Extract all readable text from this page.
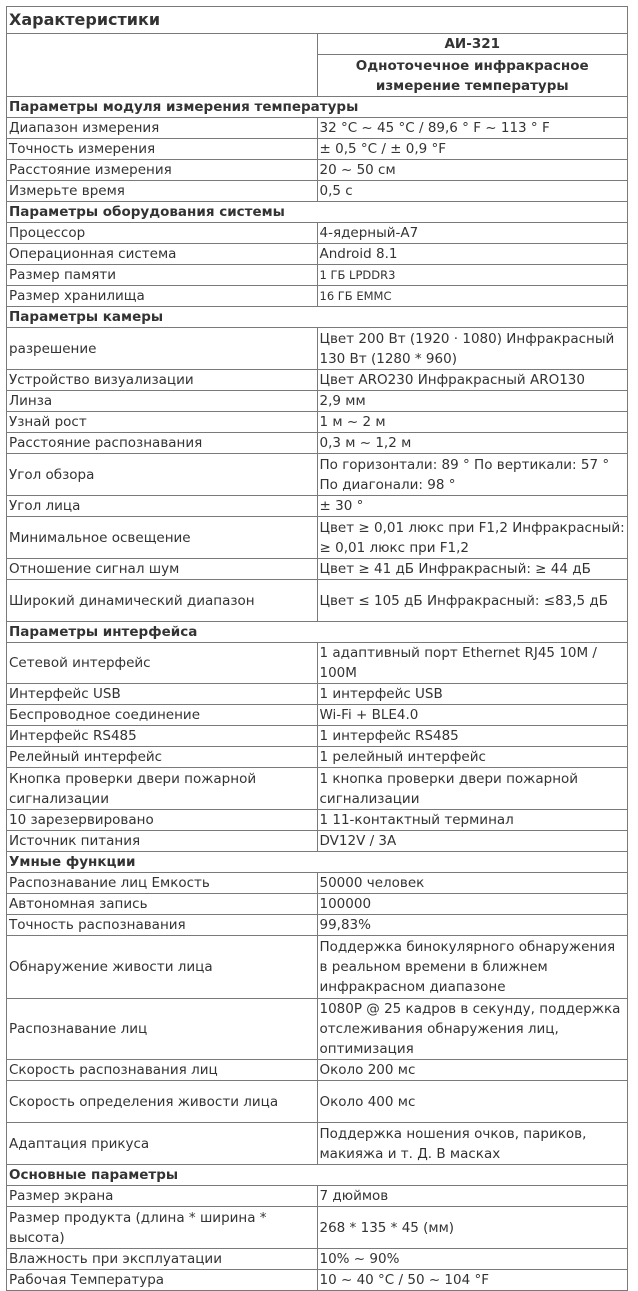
Характеристики	
	АИ-321
	Одноточечное инфракрасное измерение температуры
Параметры модуля измерения температуры	
Диапазон измерения	32 °C ~ 45 °C / 89,6 ° F ~ 113 ° F
Точность измерения	± 0,5 °C / ± 0,9 °F
Расстояние измерения	20 ~ 50 см
Измерьте время	0,5 с
Параметры оборудования системы	
Процессор	4-ядерный-A7
Операционная система	Android 8.1
Размер памяти	1 ГБ LPDDR3
Размер хранилища	16 ГБ EMMC
Параметры камеры	
разрешение	Цвет 200 Вт (1920 · 1080) Инфракрасный 130 Вт (1280 * 960)
Устройство визуализации	Цвет ARO230 Инфракрасный ARO130
Линза	2,9 мм
Узнай рост	1 м ~ 2 м
Расстояние распознавания	0,3 м ~ 1,2 м
Угол обзора	По горизонтали: 89 ° По вертикали: 57 ° По диагонали: 98 °
Угол лица	± 30 °
Минимальное освещение	Цвет ≥ 0,01 люкс при F1,2 Инфракрасный: ≥ 0,01 люкс при F1,2
Отношение сигнал шум	Цвет ≥ 41 дБ Инфракрасный: ≥ 44 дБ
Широкий динамический диапазон	Цвет ≤ 105 дБ Инфракрасный: ≤83,5 дБ
Параметры интерфейса	
Сетевой интерфейс	1 адаптивный порт Ethernet RJ45 10M / 100M
Интерфейс USB	1 интерфейс USB
Беспроводное соединение	Wi-Fi + BLE4.0
Интерфейс RS485	1 интерфейс RS485
Релейный интерфейс	1 релейный интерфейс
Кнопка проверки двери пожарной сигнализации	1 кнопка проверки двери пожарной сигнализации
10 зарезервировано	1 11-контактный терминал
Источник питания	DV12V / 3A
Умные функции	
Распознавание лиц Емкость	50000 человек
Автономная запись	100000
Точность распознавания	99,83%
Обнаружение живости лица	Поддержка бинокулярного обнаружения в реальном времени в ближнем инфракрасном диапазоне
Распознавание лиц	1080P @ 25 кадров в секунду, поддержка отслеживания обнаружения лиц, оптимизация
Скорость распознавания лиц	Около 200 мс
Скорость определения живости лица	Около 400 мс
Адаптация прикуса	Поддержка ношения очков, париков, макияжа и т. Д. В масках
Основные параметры	
Размер экрана	7 дюймов
Размер продукта (длина * ширина * высота)	268 * 135 * 45 (мм)
Влажность при эксплуатации	10% ~ 90%
Рабочая Температура	10 ~ 40 °C / 50 ~ 104 °F
